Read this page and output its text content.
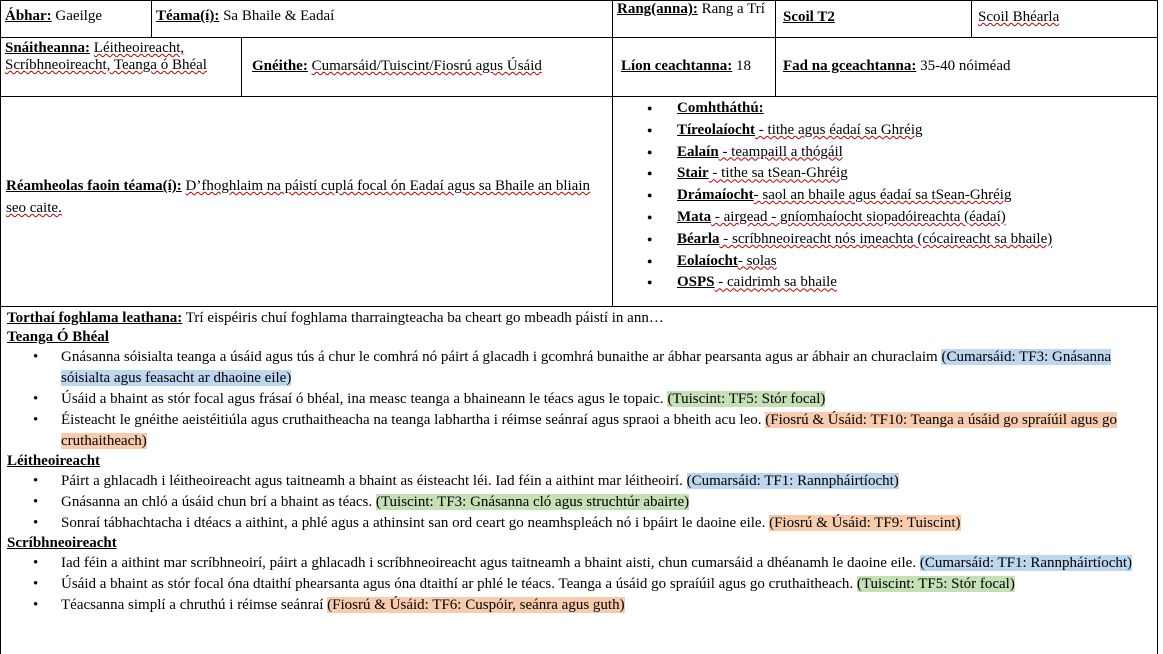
Ábhar: Gaeilge	Téama(í): Sa Bhaile & Eadaí	Rang(anna): Rang a Trí	Scoil T2	Scoil Bhéarla
Snáitheanna: Léitheoireacht, Scríbhneoireacht, Teanga ó Bhéal	Gnéithe: Cumarsáid/Tuiscint/Fiosrú agus Úsáid	Líon ceachtanna: 18	Fad na gceachtanna: 35-40 nóiméad
Réamheolas faoin téama(í): D’fhoghlaim na páistí cuplá focal ón Eadaí agus sa Bhaile an bliain seo caite.
● Comhtháthú:
● Tíreolaíocht - tithe agus éadaí sa Ghréig
● Ealaín - teampaill a thógáil
● Stair - tithe sa tSean-Ghréig
● Drámaíocht- saol an bhaile agus éadaí sa tSean-Ghréig
● Mata - airgead - gníomhaíocht siopadóireachta (éadaí)
● Béarla - scríbhneoireacht nós imeachta (cócaireacht sa bhaile)
● Eolaíocht- solas
● OSPS - caidrimh sa bhaile
Torthaí foghlama leathana: Trí eispéiris chuí foghlama tharraingteacha ba cheart go mbeadh páistí in ann…
Teanga Ó Bhéal
• Gnásanna sóisialta teanga a úsáid agus tús á chur le comhrá nó páirt á glacadh i gcomhrá bunaithe ar ábhar pearsanta agus ar ábhair an churaclaim (Cumarsáid: TF3: Gnásanna sóisialta agus feasacht ar dhaoine eile)
• Úsáid a bhaint as stór focal agus frásaí ó bhéal, ina measc teanga a bhaineann le téacs agus le topaic. (Tuiscint: TF5: Stór focal)
• Éisteacht le gnéithe aeistéitiúla agus cruthaitheacha na teanga labhartha i réimse seánraí agus spraoi a bheith acu leo. (Fiosrú & Úsáid: TF10: Teanga a úsáid go spraíúil agus go cruthaitheach)
Léitheoireacht
• Páirt a ghlacadh i léitheoireacht agus taitneamh a bhaint as éisteacht léi. Iad féin a aithint mar léitheoirí. (Cumarsáid: TF1: Rannpháirtíocht)
• Gnásanna an chló a úsáid chun brí a bhaint as téacs. (Tuiscint: TF3: Gnásanna cló agus struchtúr abairte)
• Sonraí tábhachtacha i dtéacs a aithint, a phlé agus a athinsint san ord ceart go neamhspleách nó i bpáirt le daoine eile. (Fiosrú & Úsáid: TF9: Tuiscint)
Scríbhneoireacht
• Iad féin a aithint mar scríbhneoirí, páirt a ghlacadh i scríbhneoireacht agus taitneamh a bhaint aisti, chun cumarsáid a dhéanamh le daoine eile. (Cumarsáid: TF1: Rannpháirtíocht)
• Úsáid a bhaint as stór focal óna dtaithí phearsanta agus óna dtaithí ar phlé le téacs. Teanga a úsáid go spraíúil agus go cruthaitheach. (Tuiscint: TF5: Stór focal)
• Téacsanna simplí a chruthú i réimse seánraí (Fiosrú & Úsáid: TF6: Cuspóir, seánra agus guth)
